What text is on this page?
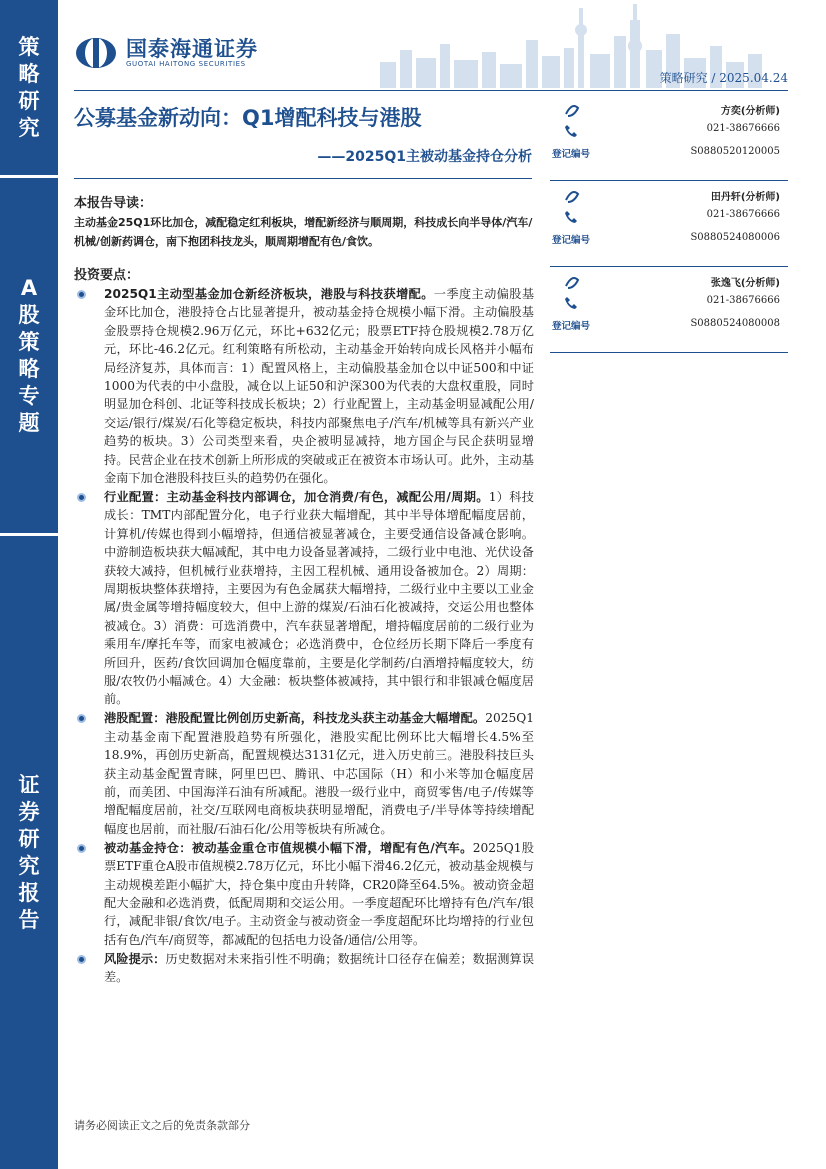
策
略
研
究
A
股
策
略
专
题
证
券
研
究
报
告
国泰海通证券
GUOTAI HAITONG SECURITIES
策略研究 / 2025.04.24
公募基金新动向：Q1增配科技与港股
——2025Q1主被动基金持仓分析
方奕(分析师)
021-38676666
登记编号	S0880520120005
田丹轩(分析师)
021-38676666
登记编号	S0880524080006
张逸飞(分析师)
021-38676666
登记编号	S0880524080008
本报告导读：
主动基金25Q1环比加仓，减配稳定红利板块，增配新经济与顺周期，科技成长向半导体/汽车/机械/创新药调仓，南下抱团科技龙头，顺周期增配有色/食饮。
投资要点：
2025Q1主动型基金加仓新经济板块，港股与科技获增配。一季度主动偏股基金环比加仓，港股持仓占比显著提升，被动基金持仓规模小幅下滑。主动偏股基金股票持仓规模2.96万亿元，环比+632亿元；股票ETF持仓股规模2.78万亿元，环比-46.2亿元。红利策略有所松动，主动基金开始转向成长风格并小幅布局经济复苏，具体而言：1）配置风格上，主动偏股基金加仓以中证500和中证1000为代表的中小盘股，减仓以上证50和沪深300为代表的大盘权重股，同时明显加仓科创、北证等科技成长板块；2）行业配置上，主动基金明显减配公用/交运/银行/煤炭/石化等稳定板块，科技内部聚焦电子/汽车/机械等具有新兴产业趋势的板块。3）公司类型来看，央企被明显减持，地方国企与民企获明显增持。民营企业在技术创新上所形成的突破或正在被资本市场认可。此外，主动基金南下加仓港股科技巨头的趋势仍在强化。
行业配置：主动基金科技内部调仓，加仓消费/有色，减配公用/周期。1）科技成长：TMT内部配置分化，电子行业获大幅增配，其中半导体增配幅度居前，计算机/传媒也得到小幅增持，但通信被显著减仓，主要受通信设备减仓影响。中游制造板块获大幅减配，其中电力设备显著减持，二级行业中电池、光伏设备获较大减持，但机械行业获增持，主因工程机械、通用设备被加仓。2）周期：周期板块整体获增持，主要因为有色金属获大幅增持，二级行业中主要以工业金属/贵金属等增持幅度较大，但中上游的煤炭/石油石化被减持，交运公用也整体被减仓。3）消费：可选消费中，汽车获显著增配，增持幅度居前的二级行业为乘用车/摩托车等，而家电被减仓；必选消费中，仓位经历长期下降后一季度有所回升，医药/食饮回调加仓幅度靠前，主要是化学制药/白酒增持幅度较大，纺服/农牧仍小幅减仓。4）大金融：板块整体被减持，其中银行和非银减仓幅度居前。
港股配置：港股配置比例创历史新高，科技龙头获主动基金大幅增配。2025Q1主动基金南下配置港股趋势有所强化，港股实配比例环比大幅增长4.5%至18.9%，再创历史新高，配置规模达3131亿元，进入历史前三。港股科技巨头获主动基金配置青睐，阿里巴巴、腾讯、中芯国际（H）和小米等加仓幅度居前，而美团、中国海洋石油有所减配。港股一级行业中，商贸零售/电子/传媒等增配幅度居前，社交/互联网电商板块获明显增配，消费电子/半导体等持续增配幅度也居前，而社服/石油石化/公用等板块有所减仓。
被动基金持仓：被动基金重仓市值规模小幅下滑，增配有色/汽车。2025Q1股票ETF重仓A股市值规模2.78万亿元，环比小幅下滑46.2亿元，被动基金规模与主动规模差距小幅扩大，持仓集中度由升转降，CR20降至64.5%。被动资金超配大金融和必选消费，低配周期和交运公用。一季度超配环比增持有色/汽车/银行，减配非银/食饮/电子。主动资金与被动资金一季度超配环比均增持的行业包括有色/汽车/商贸等，都减配的包括电力设备/通信/公用等。
风险提示：历史数据对未来指引性不明确；数据统计口径存在偏差；数据测算误差。
请务必阅读正文之后的免责条款部分
